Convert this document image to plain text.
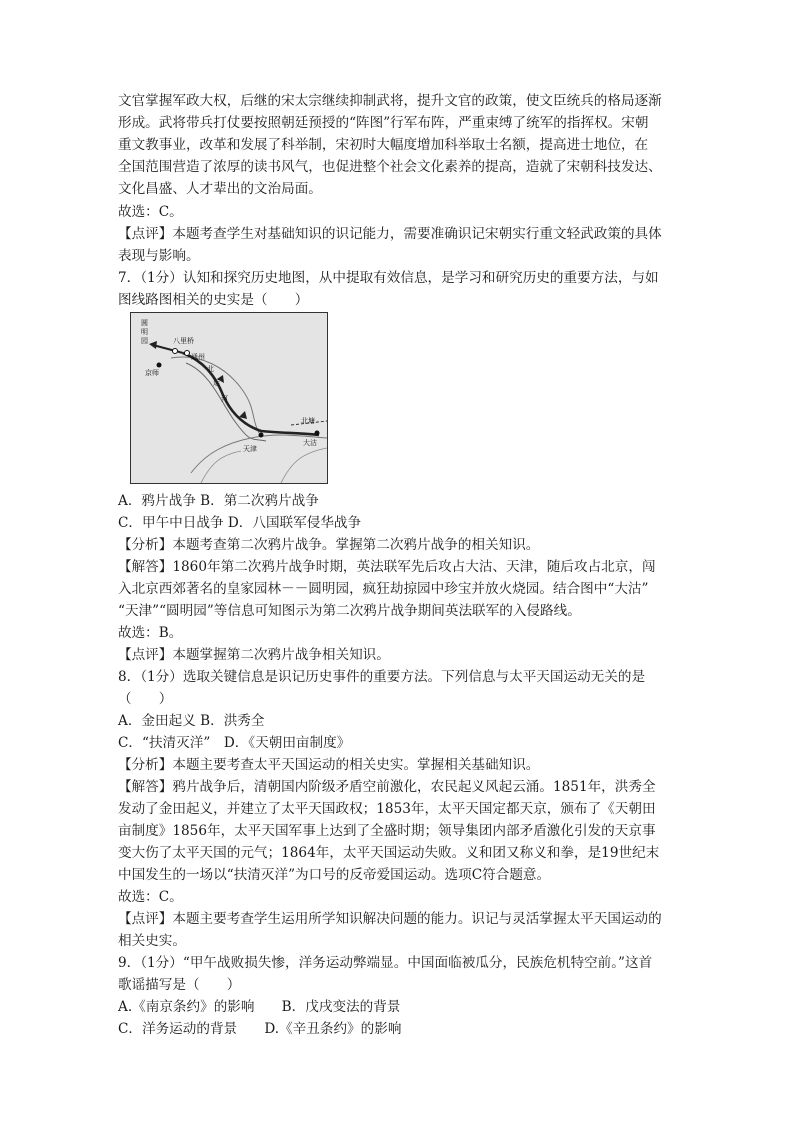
文官掌握军政大权，后继的宋太宗继续抑制武将，提升文官的政策，使文臣统兵的格局逐渐
形成。武将带兵打仗要按照朝廷预授的“阵图”行军布阵，严重束缚了统军的指挥权。宋朝
重文教事业，改革和发展了科举制，宋初时大幅度增加科举取士名额，提高进士地位，在
全国范围营造了浓厚的读书风气，也促进整个社会文化素养的提高，造就了宋朝科技发达、
文化昌盛、人才辈出的文治局面。
故选：C。
【点评】本题考查学生对基础知识的识记能力，需要准确识记宋朝实行重文轻武政策的具体
表现与影响。
7．（1分）认知和探究历史地图，从中提取有效信息，是学习和研究历史的重要方法，与如
图线路图相关的史实是（　　）
圆
明
园	八里桥
通州
京师	北
运
河
天津
北塘
大沽
A．鸦片战争 B．第二次鸦片战争
C．甲午中日战争 D．八国联军侵华战争
【分析】本题考查第二次鸦片战争。掌握第二次鸦片战争的相关知识。
【解答】1860年第二次鸦片战争时期，英法联军先后攻占大沽、天津，随后攻占北京，闯
入北京西郊著名的皇家园林－－圆明园，疯狂劫掠园中珍宝并放火烧园。结合图中“大沽”
“天津”“圆明园”等信息可知图示为第二次鸦片战争期间英法联军的入侵路线。
故选：B。
【点评】本题掌握第二次鸦片战争相关知识。
8．（1分）选取关键信息是识记历史事件的重要方法。下列信息与太平天国运动无关的是
（　　）
A．金田起义 B．洪秀全
C．“扶清灭洋”　D．《天朝田亩制度》
【分析】本题主要考查太平天国运动的相关史实。掌握相关基础知识。
【解答】鸦片战争后，清朝国内阶级矛盾空前激化，农民起义风起云涌。1851年，洪秀全
发动了金田起义，并建立了太平天国政权；1853年，太平天国定都天京，颁布了《天朝田
亩制度》1856年，太平天国军事上达到了全盛时期；领导集团内部矛盾激化引发的天京事
变大伤了太平天国的元气；1864年，太平天国运动失败。义和团又称义和拳，是19世纪末
中国发生的一场以“扶清灭洋”为口号的反帝爱国运动。选项C符合题意。
故选：C。
【点评】本题主要考查学生运用所学知识解决问题的能力。识记与灵活掌握太平天国运动的
相关史实。
9．（1分）“甲午战败损失惨，洋务运动弊端显。中国面临被瓜分，民族危机特空前。”这首
歌谣描写是（　　）
A.《南京条约》的影响　　B．戊戌变法的背景
C．洋务运动的背景　　D.《辛丑条约》的影响
